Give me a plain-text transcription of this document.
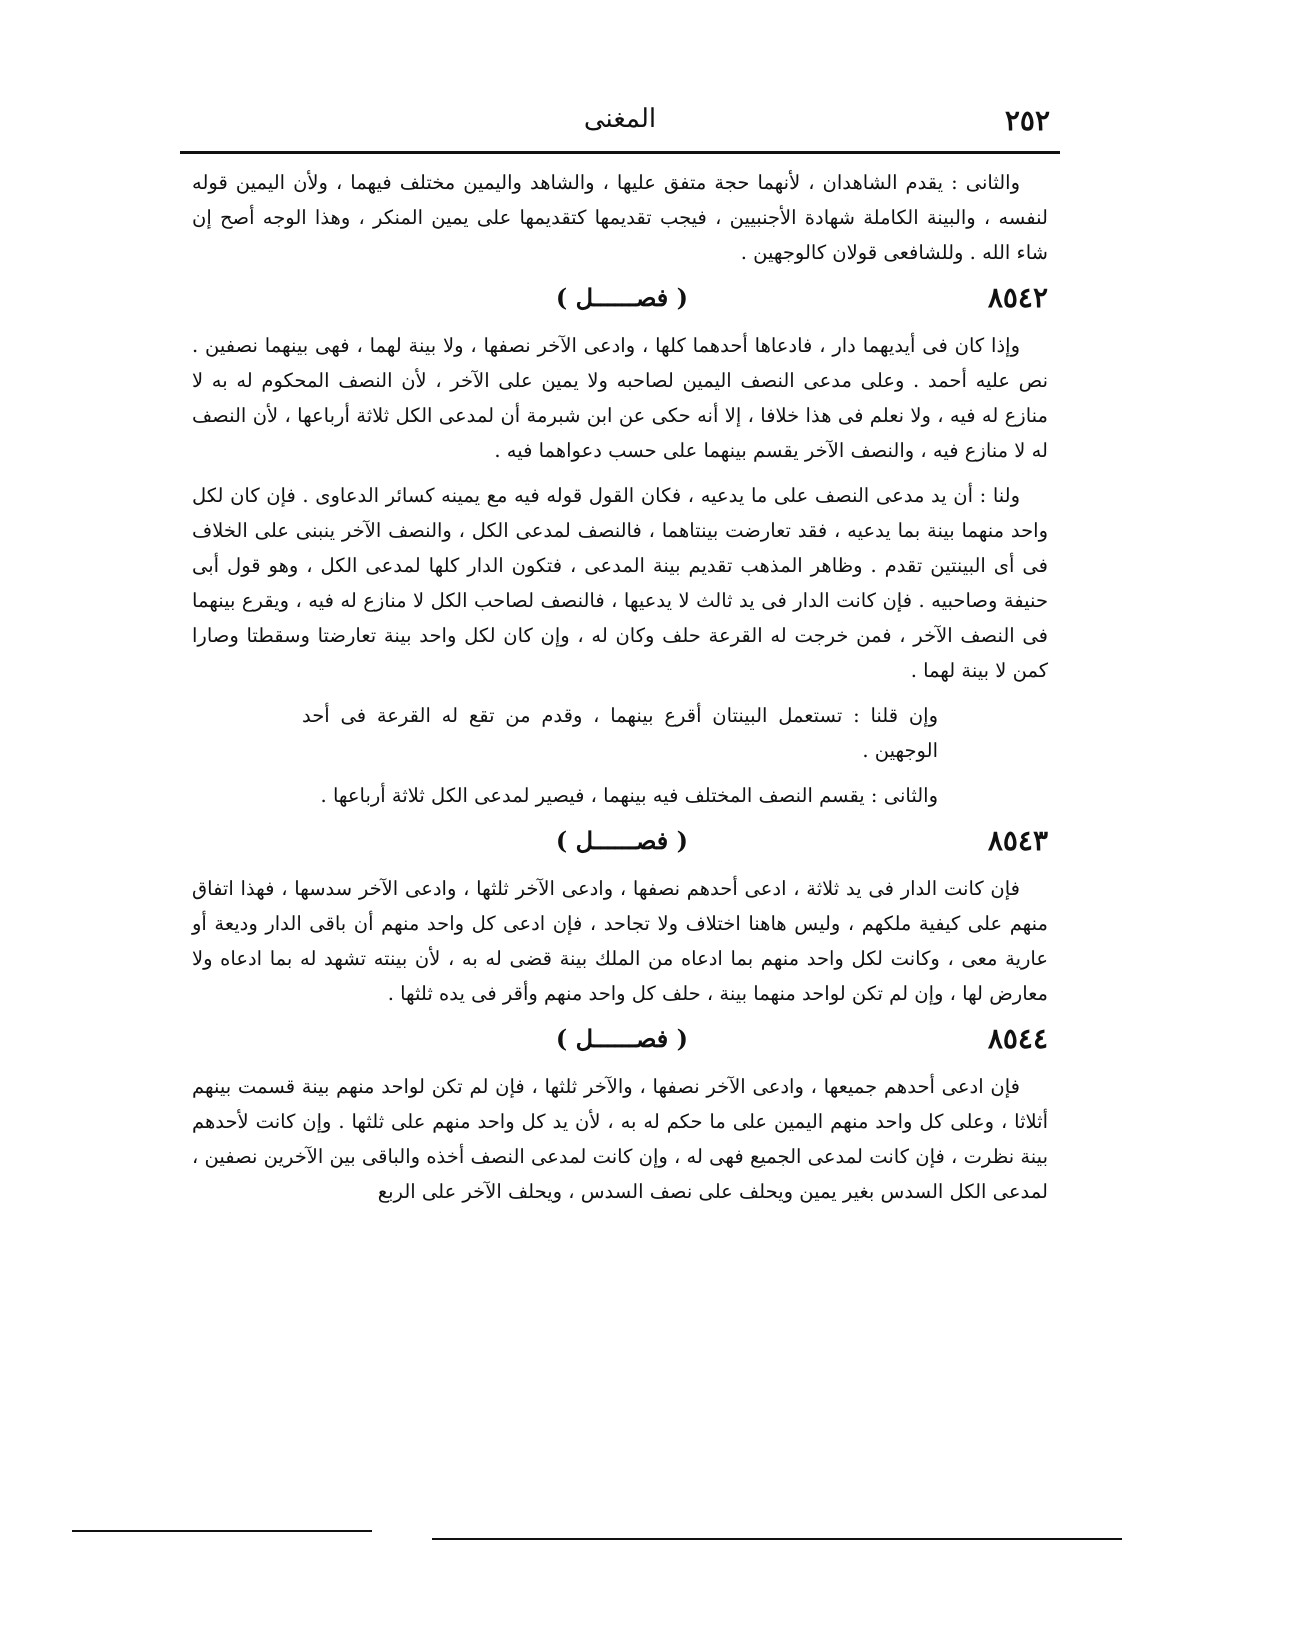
٢٥٢
المغنى

والثانى : يقدم الشاهدان ، لأنهما حجة متفق عليها ، والشاهد واليمين مختلف فيهما ، ولأن اليمين قوله لنفسه ، والبينة الكاملة شهادة الأجنبيين ، فيجب تقديمها كتقديمها على يمين المنكر ، وهذا الوجه أصح إن شاء الله . وللشافعى قولان كالوجهين .

٨٥٤٢
( فصــــــل )

وإذا كان فى أيديهما دار ، فادعاها أحدهما كلها ، وادعى الآخر نصفها ، ولا بينة لهما ، فهى بينهما نصفين . نص عليه أحمد . وعلى مدعى النصف اليمين لصاحبه ولا يمين على الآخر ، لأن النصف المحكوم له به لا منازع له فيه ، ولا نعلم فى هذا خلافا ، إلا أنه حكى عن ابن شبرمة أن لمدعى الكل ثلاثة أرباعها ، لأن النصف له لا منازع فيه ، والنصف الآخر يقسم بينهما على حسب دعواهما فيه .

ولنا : أن يد مدعى النصف على ما يدعيه ، فكان القول قوله فيه مع يمينه كسائر الدعاوى . فإن كان لكل واحد منهما بينة بما يدعيه ، فقد تعارضت بينتاهما ، فالنصف لمدعى الكل ، والنصف الآخر ينبنى على الخلاف فى أى البينتين تقدم . وظاهر المذهب تقديم بينة المدعى ، فتكون الدار كلها لمدعى الكل ، وهو قول أبى حنيفة وصاحبيه . فإن كانت الدار فى يد ثالث لا يدعيها ، فالنصف لصاحب الكل لا منازع له فيه ، ويقرع بينهما فى النصف الآخر ، فمن خرجت له القرعة حلف وكان له ، وإن كان لكل واحد بينة تعارضتا وسقطتا وصارا كمن لا بينة لهما .

وإن قلنا : تستعمل البينتان أقرع بينهما ، وقدم من تقع له القرعة فى أحد الوجهين .

والثانى : يقسم النصف المختلف فيه بينهما ، فيصير لمدعى الكل ثلاثة أرباعها .

٨٥٤٣
( فصــــــل )

فإن كانت الدار فى يد ثلاثة ، ادعى أحدهم نصفها ، وادعى الآخر ثلثها ، وادعى الآخر سدسها ، فهذا اتفاق منهم على كيفية ملكهم ، وليس هاهنا اختلاف ولا تجاحد ، فإن ادعى كل واحد منهم أن باقى الدار وديعة أو عارية معى ، وكانت لكل واحد منهم بما ادعاه من الملك بينة قضى له به ، لأن بينته تشهد له بما ادعاه ولا معارض لها ، وإن لم تكن لواحد منهما بينة ، حلف كل واحد منهم وأقر فى يده ثلثها .

٨٥٤٤
( فصــــــل )

فإن ادعى أحدهم جميعها ، وادعى الآخر نصفها ، والآخر ثلثها ، فإن لم تكن لواحد منهم بينة قسمت بينهم أثلاثا ، وعلى كل واحد منهم اليمين على ما حكم له به ، لأن يد كل واحد منهم على ثلثها . وإن كانت لأحدهم بينة نظرت ، فإن كانت لمدعى الجميع فهى له ، وإن كانت لمدعى النصف أخذه والباقى بين الآخرين نصفين ، لمدعى الكل السدس بغير يمين ويحلف على نصف السدس ، ويحلف الآخر على الربع
